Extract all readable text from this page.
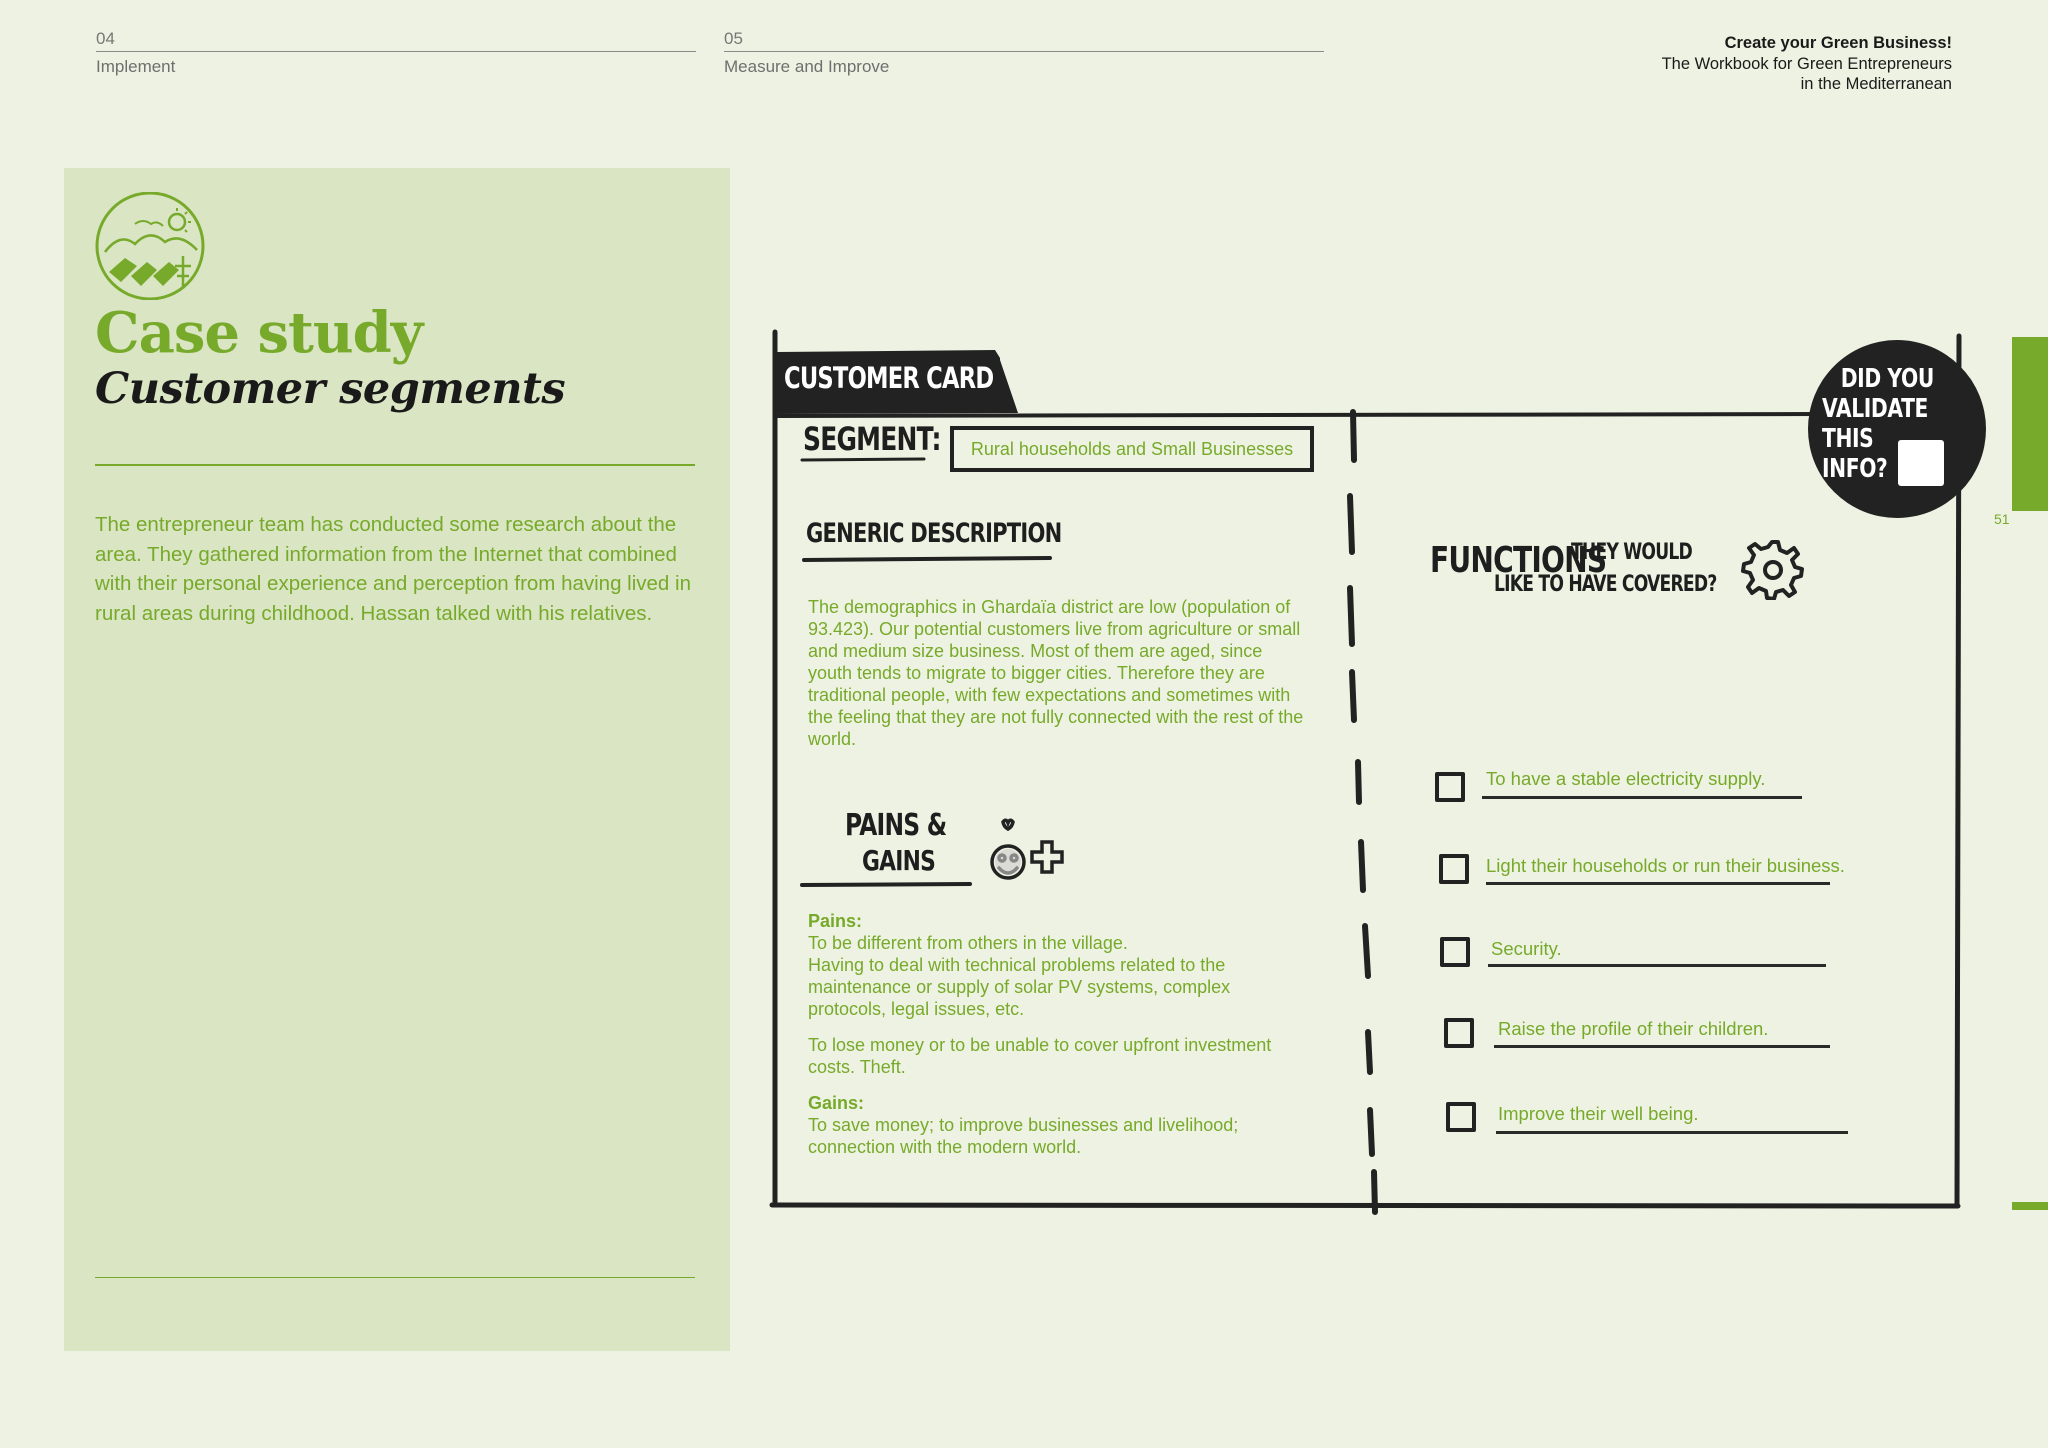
04
Implement
05
Measure and Improve
Create your Green Business!
The Workbook for Green Entrepreneurs
in the Mediterranean
Case study
Customer segments
The entrepreneur team has conducted some research about the area. They gathered information from the Internet that combined with their personal experience and perception from having lived in rural areas during childhood. Hassan talked with his relatives.
51
CUSTOMER CARD
SEGMENT:	Rural households and Small Businesses
GENERIC DESCRIPTION
The demographics in Ghardaïa district are low (population of 93.423). Our potential customers live from agriculture or small and medium size business. Most of them are aged, since youth tends to migrate to bigger cities. Therefore they are traditional people, with few expectations and sometimes with the feeling that they are not fully connected with the rest of the world.
PAINS &
GAINS
Pains:
To be different from others in the village.
Having to deal with technical problems related to the maintenance or supply of solar PV systems, complex protocols, legal issues, etc.
To lose money or to be unable to cover upfront investment costs. Theft.
Gains:
To save money; to improve businesses and livelihood; connection with the modern world.
FUNCTIONS
THEY WOULD
LIKE TO HAVE COVERED?
To have a stable electricity supply.
Light their households or run their business.
Security.
Raise the profile of their children.
Improve their well being.
DID YOU
VALIDATE
THIS
INFO?
